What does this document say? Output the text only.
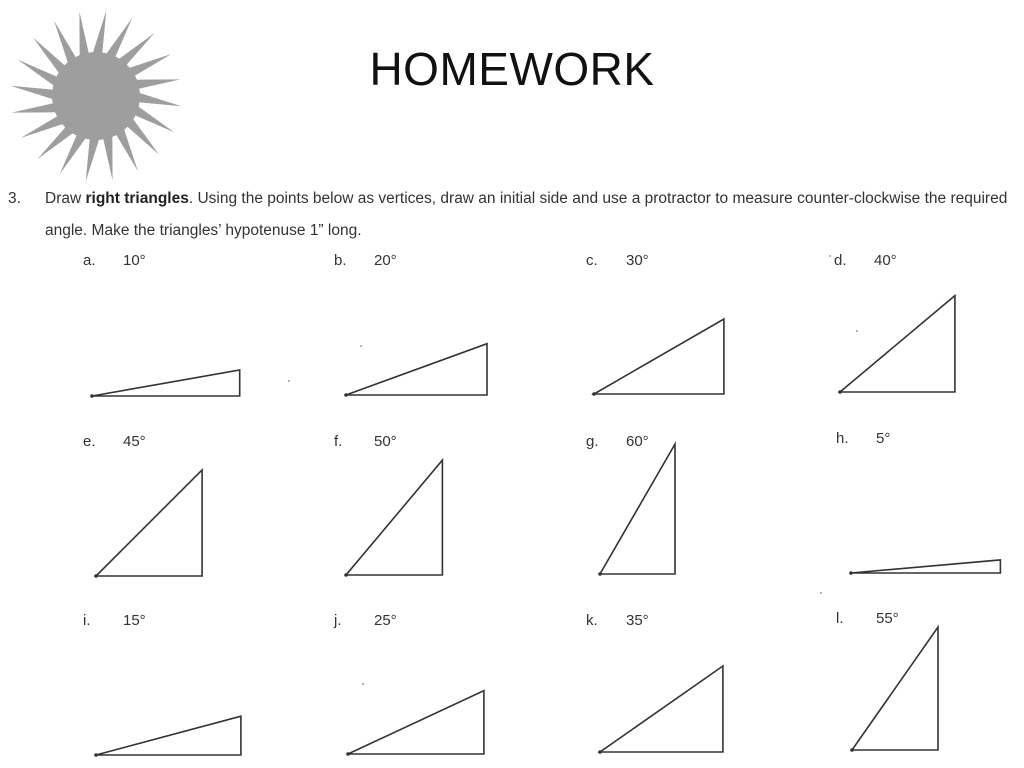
HOMEWORK
3. Draw right triangles. Using the points below as vertices, draw an initial side and use a protractor to measure counter-clockwise the required angle. Make the triangles’ hypotenuse 1” long.
a. 10°	b. 20°	c. 30°	d. 40°
e. 45°	f. 50°	g. 60°	h. 5°
i. 15°	j. 25°	k. 35°	l. 55°
